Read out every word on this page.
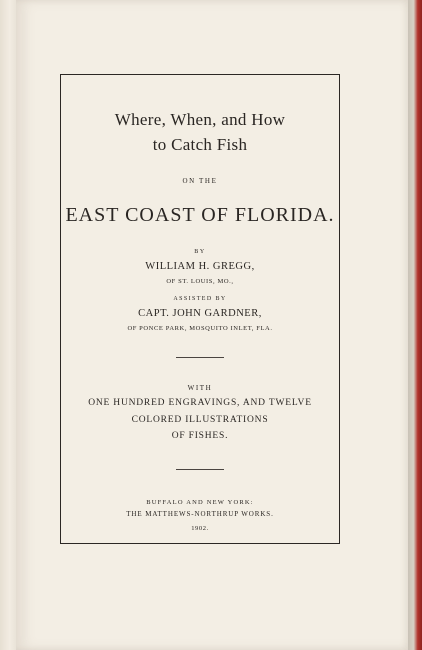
Where, When, and How
to Catch Fish
ON THE
EAST COAST OF FLORIDA.
BY
WILLIAM H. GREGG,
OF ST. LOUIS, MO.,
ASSISTED BY
CAPT. JOHN GARDNER,
OF PONCE PARK, MOSQUITO INLET, FLA.
WITH
ONE HUNDRED ENGRAVINGS, AND TWELVE
COLORED ILLUSTRATIONS
OF FISHES.
BUFFALO AND NEW YORK:
THE MATTHEWS-NORTHRUP WORKS.
1902.
